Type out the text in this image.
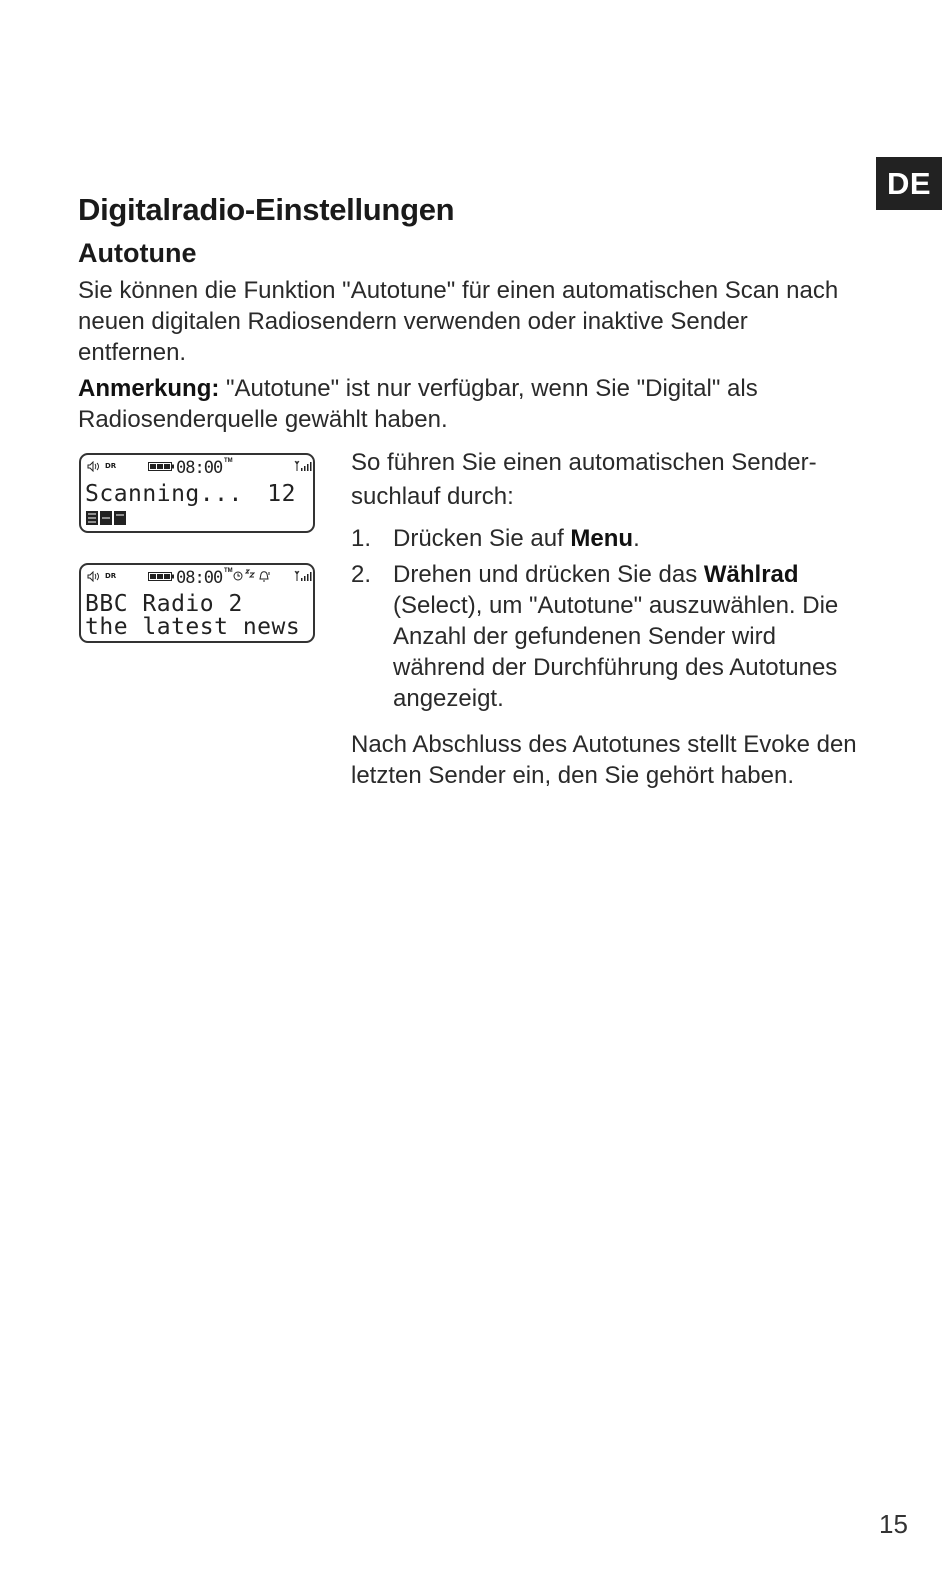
DE
Digitalradio-Einstellungen
Autotune

Sie können die Funktion "Autotune" für einen automatischen Scan nach neuen digitalen Radiosendern verwenden oder inaktive Sender entfernen.

Anmerkung: "Autotune" ist nur verfügbar, wenn Sie "Digital" als Radiosenderquelle gewählt haben.

DR	08:00 TM
Scanning... 12
DR	08:00 TM
BBC Radio 2
the latest news

So führen Sie einen automatischen Sender-suchlauf durch:

1. Drücken Sie auf Menu.
2. Drehen und drücken Sie das Wählrad (Select), um "Autotune" auszuwählen. Die Anzahl der gefundenen Sender wird während der Durchführung des Autotunes angezeigt.

Nach Abschluss des Autotunes stellt Evoke den letzten Sender ein, den Sie gehört haben.

15
